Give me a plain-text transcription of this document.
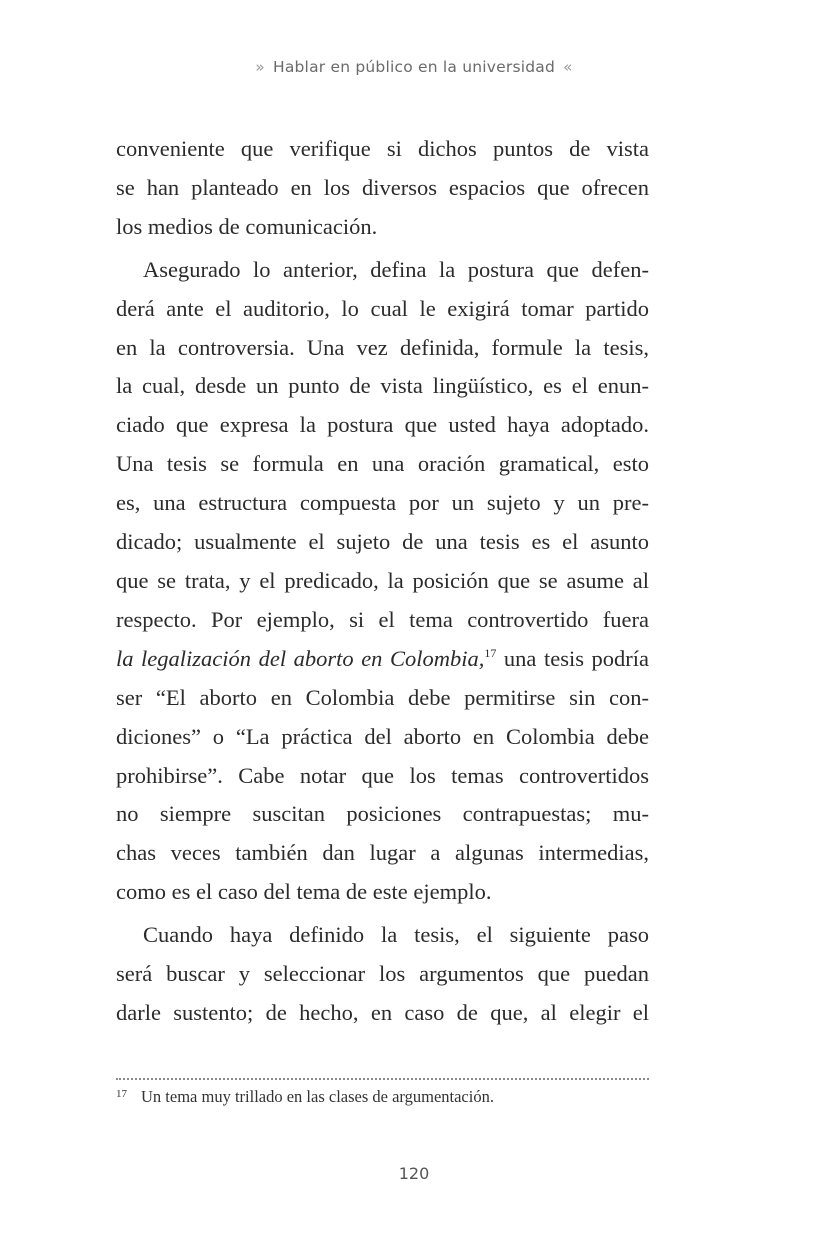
» Hablar en público en la universidad «
conveniente que verifique si dichos puntos de vista
se han planteado en los diversos espacios que ofrecen
los medios de comunicación.
Asegurado lo anterior, defina la postura que defen-
derá ante el auditorio, lo cual le exigirá tomar partido
en la controversia. Una vez definida, formule la tesis,
la cual, desde un punto de vista lingüístico, es el enun-
ciado que expresa la postura que usted haya adoptado.
Una tesis se formula en una oración gramatical, esto
es, una estructura compuesta por un sujeto y un pre-
dicado; usualmente el sujeto de una tesis es el asunto
que se trata, y el predicado, la posición que se asume al
respecto. Por ejemplo, si el tema controvertido fuera
la legalización del aborto en Colombia,$^{17}$ una tesis podría
ser “El aborto en Colombia debe permitirse sin con-
diciones” o “La práctica del aborto en Colombia debe
prohibirse”. Cabe notar que los temas controvertidos
no siempre suscitan posiciones contrapuestas; mu-
chas veces también dan lugar a algunas intermedias,
como es el caso del tema de este ejemplo.
Cuando haya definido la tesis, el siguiente paso
será buscar y seleccionar los argumentos que puedan
darle sustento; de hecho, en caso de que, al elegir el
$^{17}$ Un tema muy trillado en las clases de argumentación.
120
